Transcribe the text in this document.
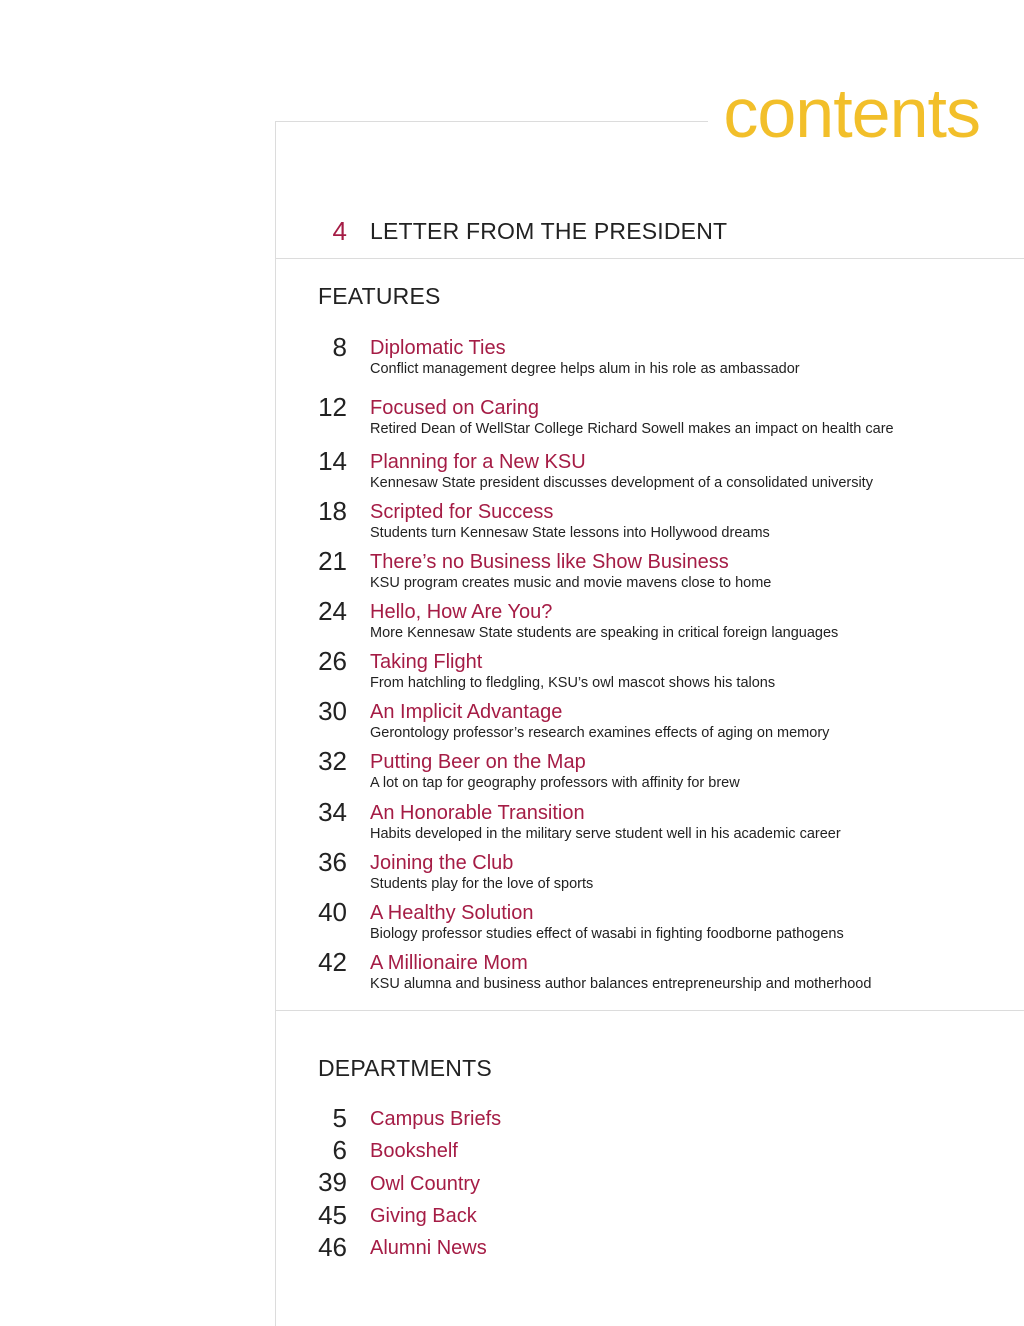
contents
4 LETTER FROM THE PRESIDENT
FEATURES
8 Diplomatic Ties
Conflict management degree helps alum in his role as ambassador
12 Focused on Caring
Retired Dean of WellStar College Richard Sowell makes an impact on health care
14 Planning for a New KSU
Kennesaw State president discusses development of a consolidated university
18 Scripted for Success
Students turn Kennesaw State lessons into Hollywood dreams
21 There’s no Business like Show Business
KSU program creates music and movie mavens close to home
24 Hello, How Are You?
More Kennesaw State students are speaking in critical foreign languages
26 Taking Flight
From hatchling to fledgling, KSU’s owl mascot shows his talons
30 An Implicit Advantage
Gerontology professor’s research examines effects of aging on memory
32 Putting Beer on the Map
A lot on tap for geography professors with affinity for brew
34 An Honorable Transition
Habits developed in the military serve student well in his academic career
36 Joining the Club
Students play for the love of sports
40 A Healthy Solution
Biology professor studies effect of wasabi in fighting foodborne pathogens
42 A Millionaire Mom
KSU alumna and business author balances entrepreneurship and motherhood
DEPARTMENTS
5 Campus Briefs
6 Bookshelf
39 Owl Country
45 Giving Back
46 Alumni News
